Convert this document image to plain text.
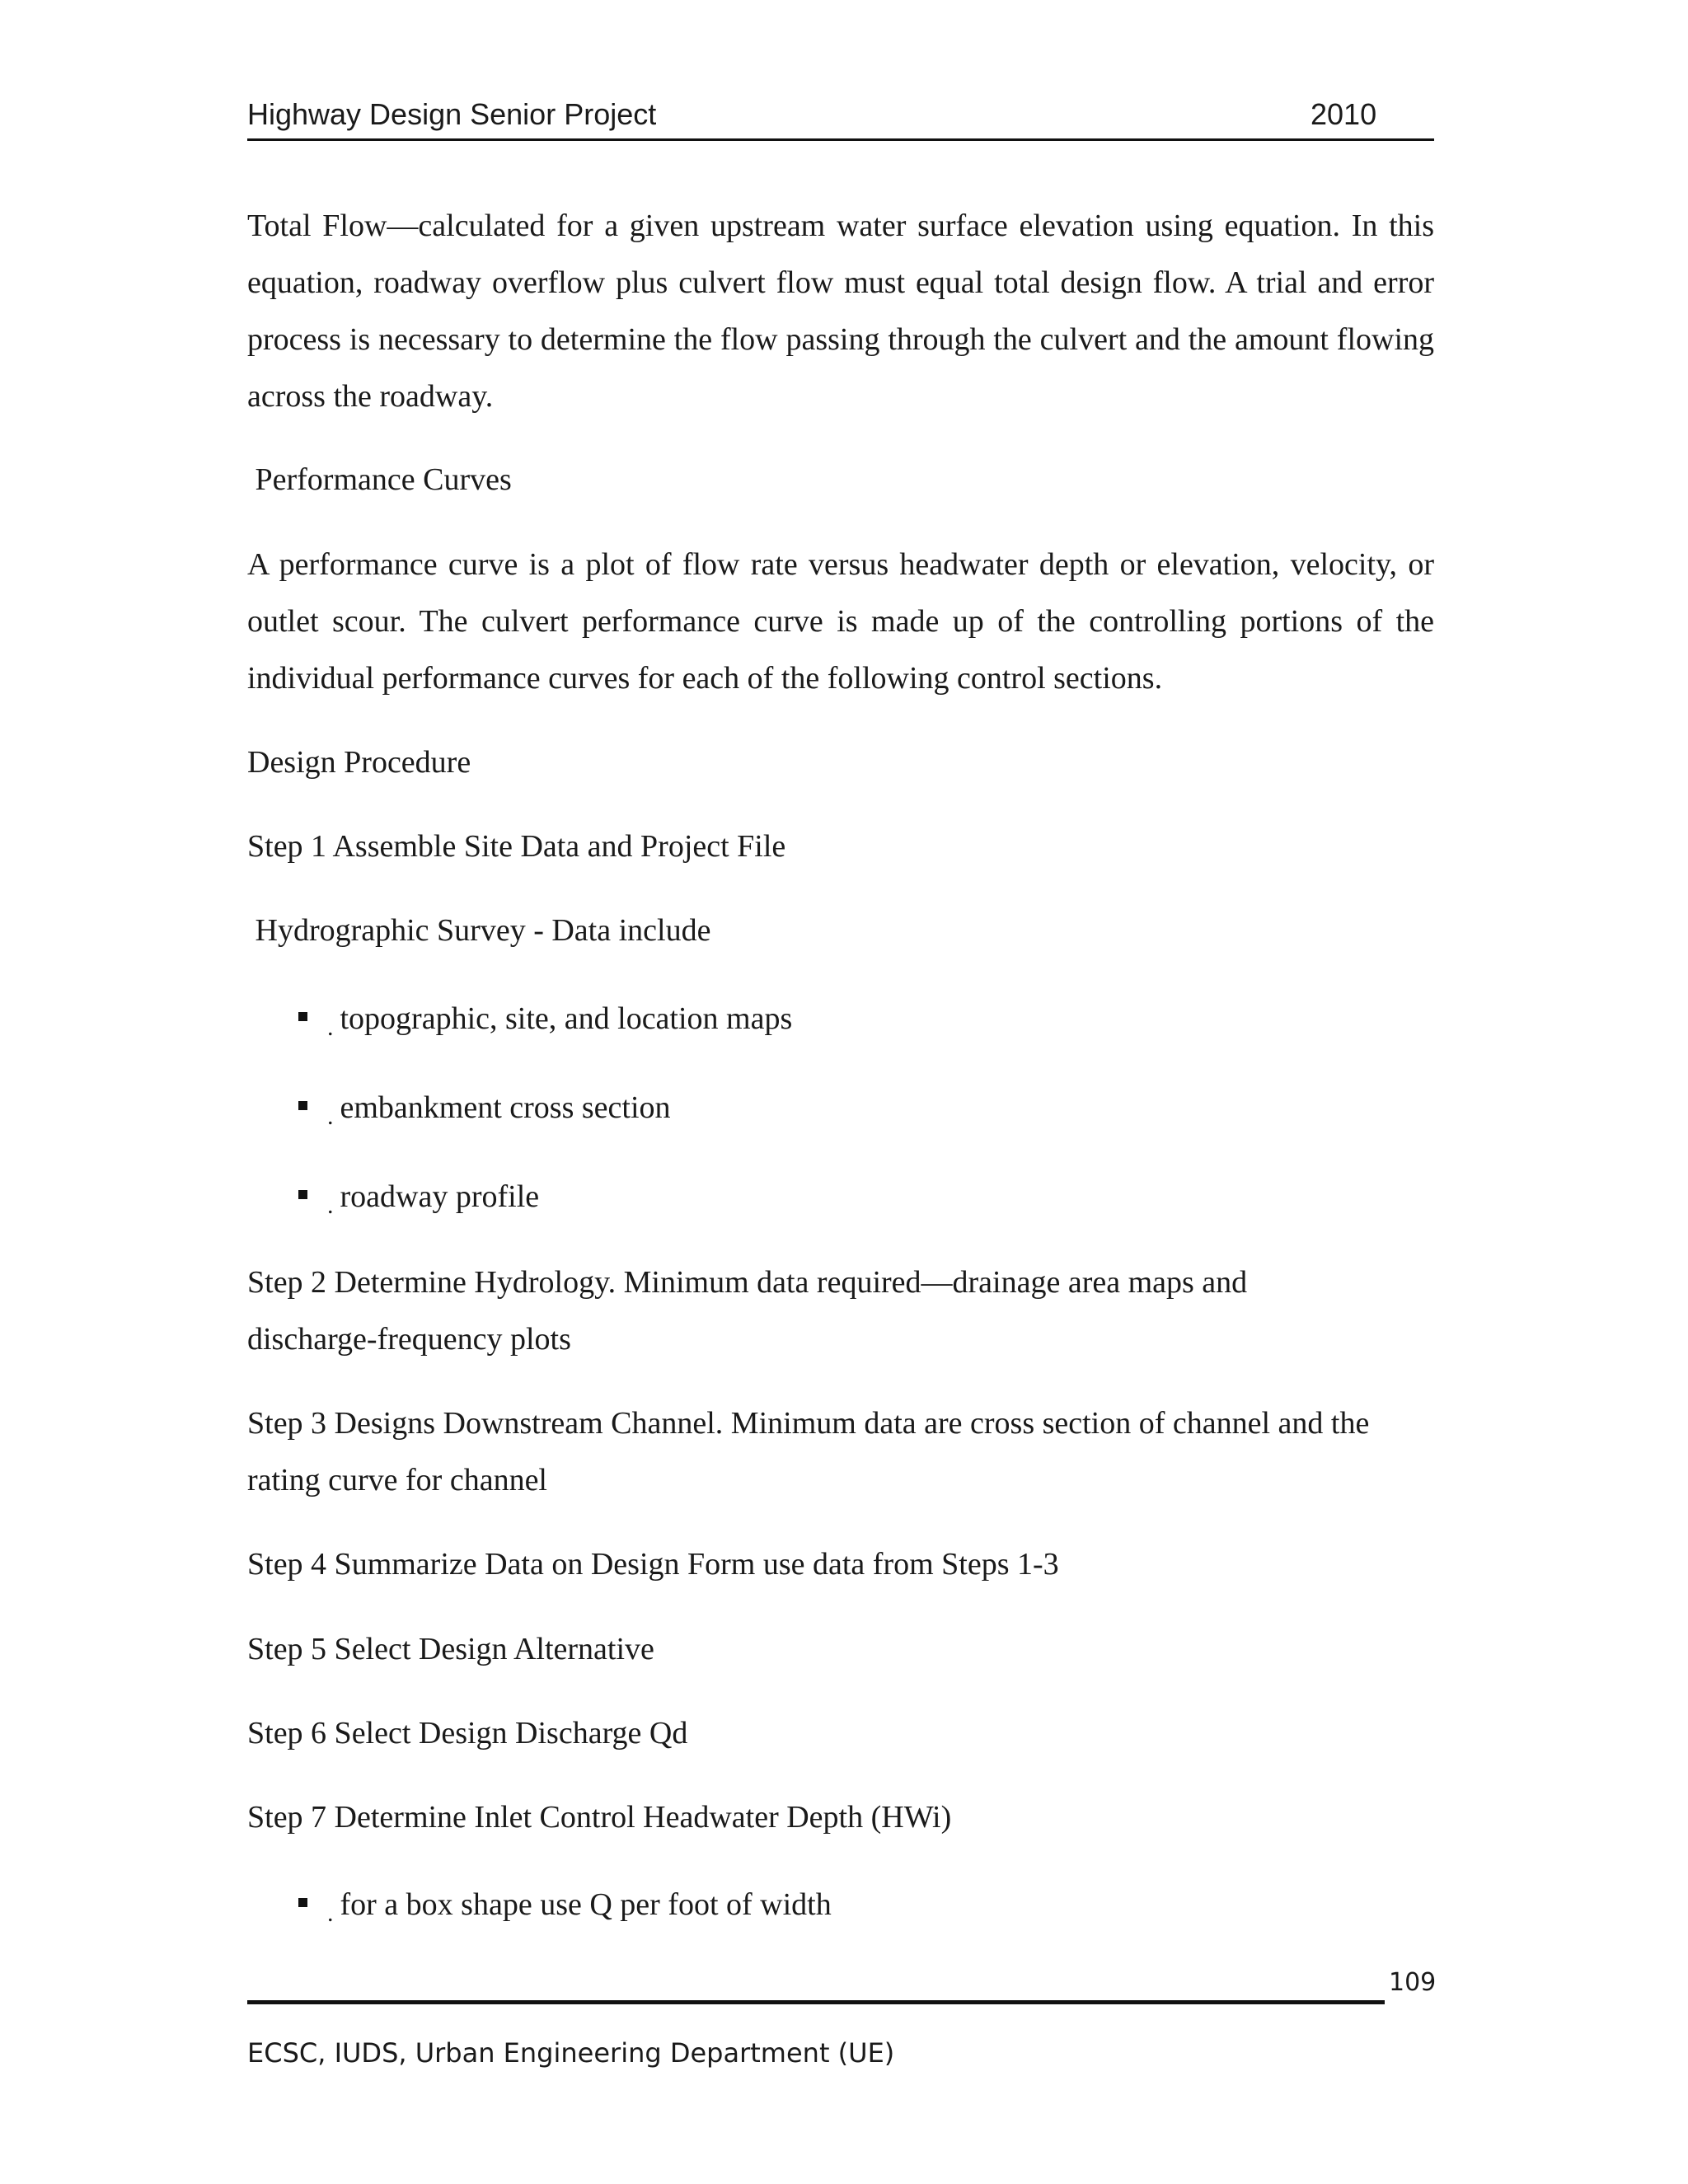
Highway Design Senior Project	2010

Total Flow—calculated for a given upstream water surface elevation using equation. In this equation, roadway overflow plus culvert flow must equal total design flow. A trial and error process is necessary to determine the flow passing through the culvert and the amount flowing across the roadway.

Performance Curves

A performance curve is a plot of flow rate versus headwater depth or elevation, velocity, or outlet scour. The culvert performance curve is made up of the controlling portions of the individual performance curves for each of the following control sections.

Design Procedure

Step 1 Assemble Site Data and Project File

Hydrographic Survey - Data include

. topographic, site, and location maps

. embankment cross section

. roadway profile

Step 2 Determine Hydrology. Minimum data required—drainage area maps and discharge-frequency plots

Step 3 Designs Downstream Channel. Minimum data are cross section of channel and the rating curve for channel

Step 4 Summarize Data on Design Form use data from Steps 1-3

Step 5 Select Design Alternative

Step 6 Select Design Discharge Qd

Step 7 Determine Inlet Control Headwater Depth (HWi)

. for a box shape use Q per foot of width

109
ECSC, IUDS, Urban Engineering Department (UE)
